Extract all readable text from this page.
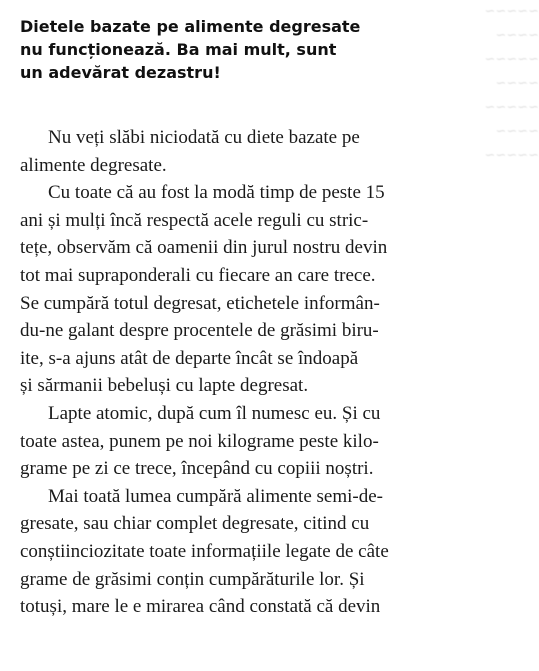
~~~~~
~~~~
~~~~~
~~~~
~~~~~
~~~~
~~~~~
Dietele bazate pe alimente degresate
nu funcționează. Ba mai mult, sunt
un adevărat dezastru!
Nu veți slăbi niciodată cu diete bazate pe
alimente degresate.
Cu toate că au fost la modă timp de peste 15
ani și mulți încă respectă acele reguli cu stric-
tețe, observăm că oamenii din jurul nostru devin
tot mai supraponderali cu fiecare an care trece.
Se cumpără totul degresat, etichetele informân-
du-ne galant despre procentele de grăsimi biru-
ite, s-a ajuns atât de departe încât se îndoapă
și sărmanii bebeluși cu lapte degresat.
Lapte atomic, după cum îl numesc eu. Și cu
toate astea, punem pe noi kilograme peste kilo-
grame pe zi ce trece, începând cu copiii noștri.
Mai toată lumea cumpără alimente semi-de-
gresate, sau chiar complet degresate, citind cu
conștiinciozitate toate informațiile legate de câte
grame de grăsimi conțin cumpărăturile lor. Și
totuși, mare le e mirarea când constată că devin
